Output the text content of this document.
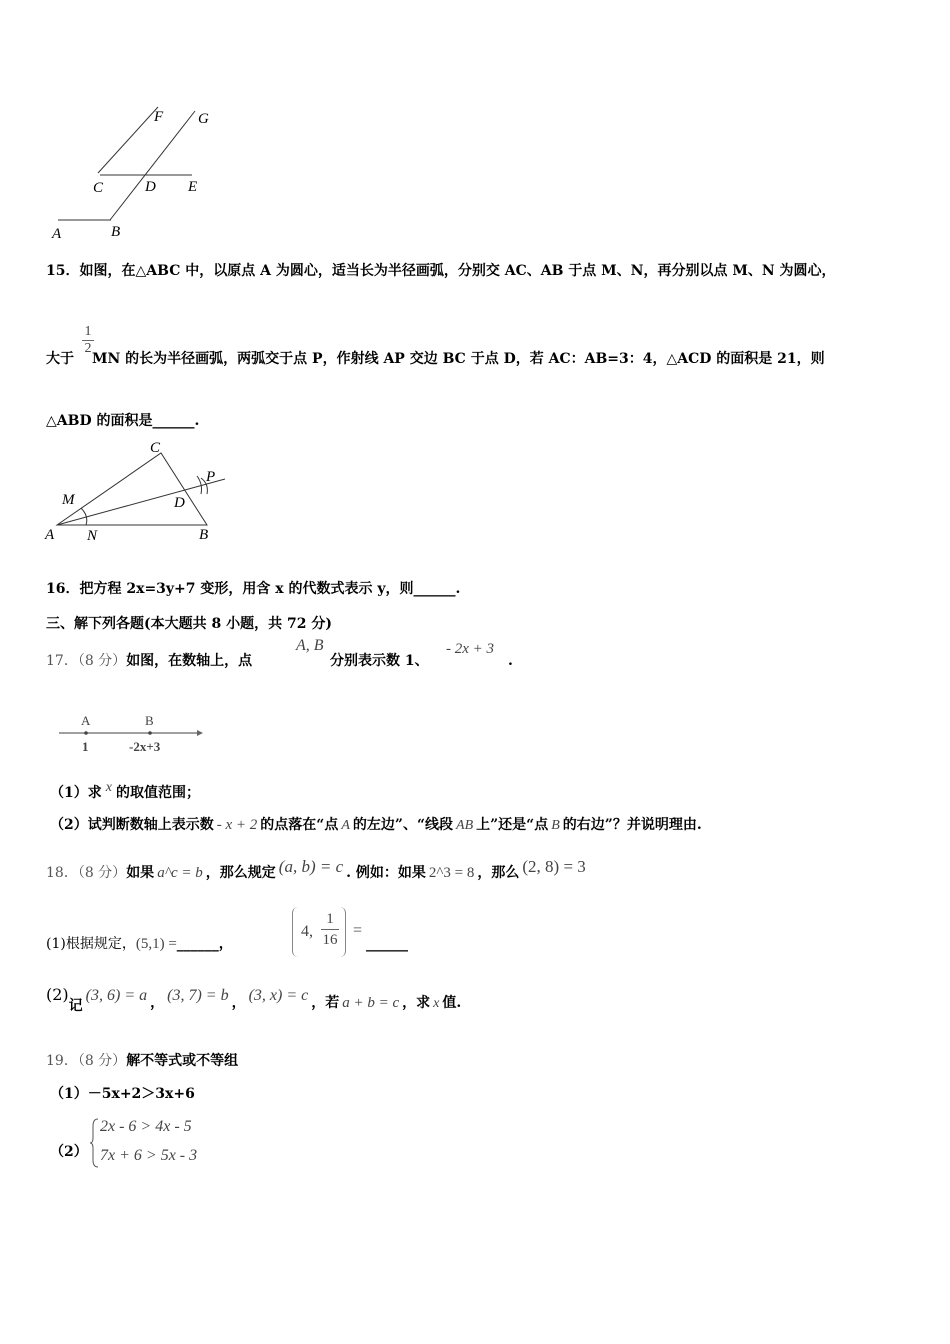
F G
C	D E
A	B
15．如图，在△ABC 中，以原点 A 为圆心，适当长为半径画弧，分别交 AC、AB 于点 M、N，再分别以点 M、N 为圆心，
$\frac{1}{2}$
大于 MN 的长为半径画弧，两弧交于点 P，作射线 AP 交边 BC 于点 D，若 AC：AB=3：4，△ACD 的面积是 21，则
△ABD 的面积是______.
C
P
M	D
A N	B
16．把方程 2x=3y+7 变形，用含 x 的代数式表示 y，则______.
三、解下列各题(本大题共 8 小题，共 72 分)
17．（8 分）如图，在数轴上，点
A, B
分别表示数 1、
- 2x + 3
.
A	B
1	-2x+3
（1）求 x 的取值范围；
（2）试判断数轴上表示数 - x + 2 的点落在“点 A 的左边”、“线段 AB 上”还是“点 B 的右边”？并说明理由.
18．（8 分）如果 a^c = b ，那么规定 (a, b) = c . 例如：如果 2^3 = 8 ，那么 (2, 8) = 3
(1)根据规定，(5,1) =______，
4, $\frac{1}{16}$ =
______
(2)记(3, 6) = a ， (3, 7) = b ， (3, x) = c ，若 a + b = c ，求 x 值.
19．（8 分）解不等式或不等组
（1）－5x+2＞3x+6
（2）
2x - 6 > 4x - 5
7x + 6 > 5x - 3
